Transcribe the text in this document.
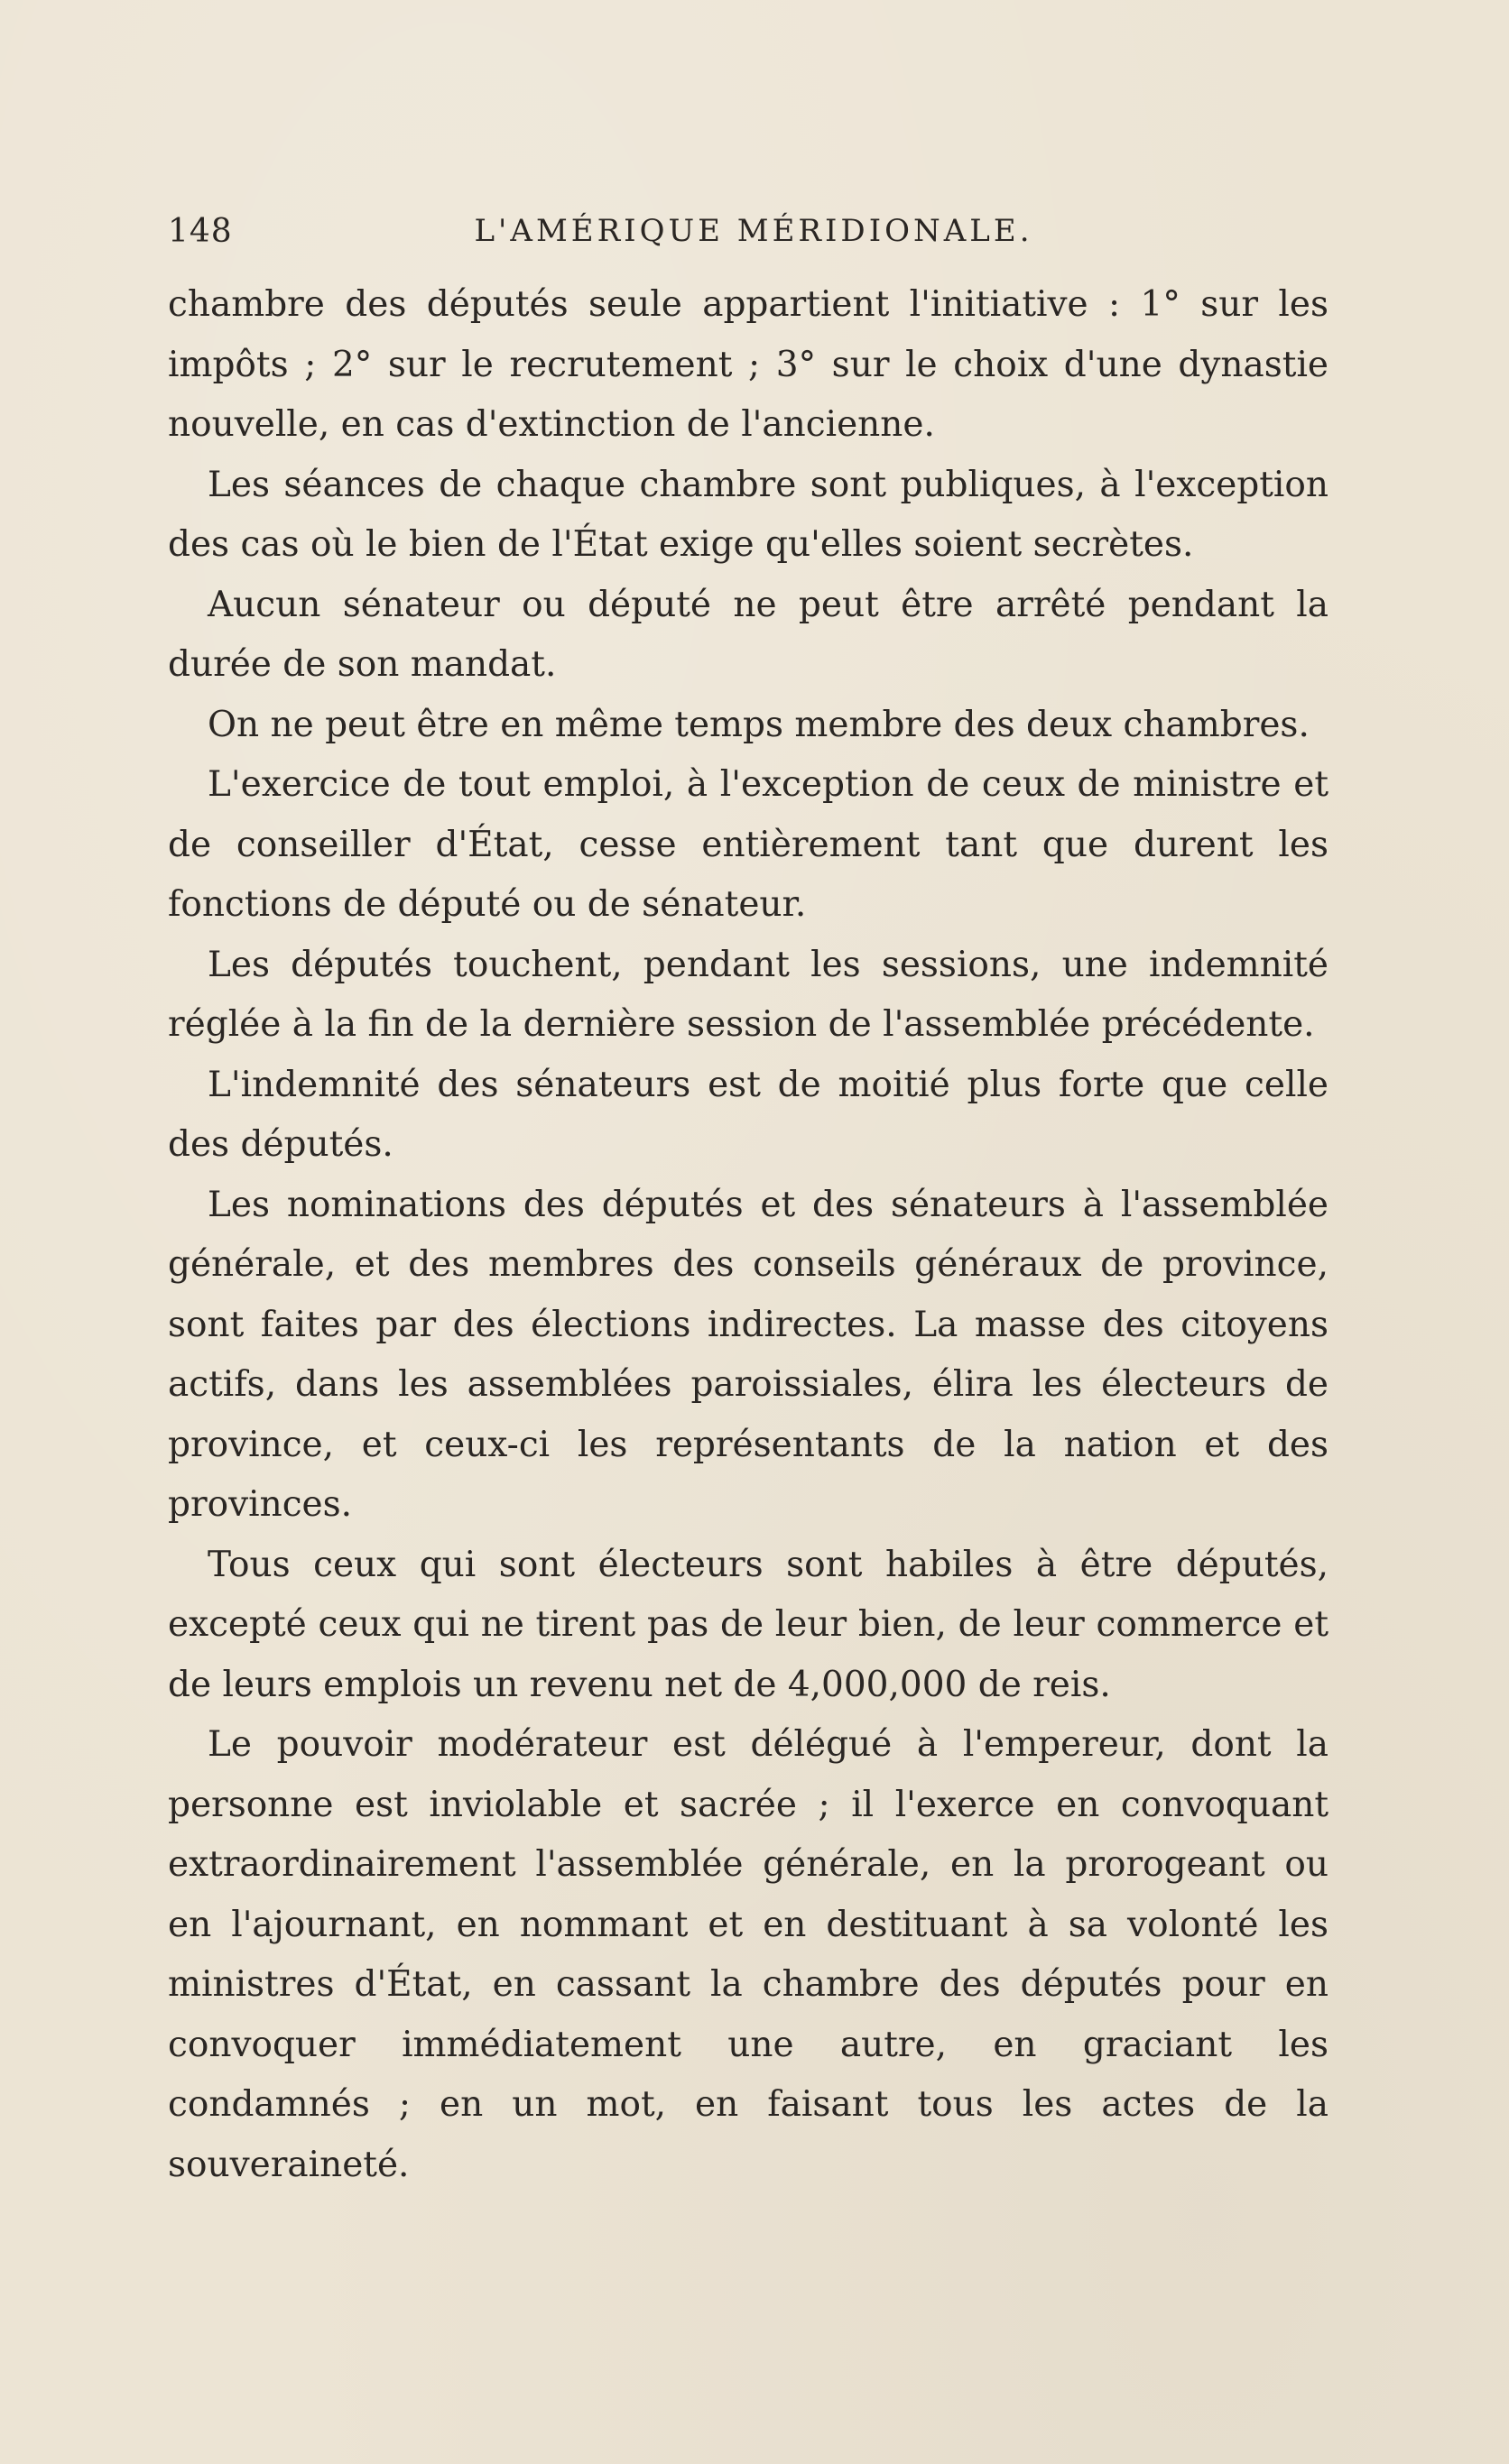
148	L'AMÉRIQUE MÉRIDIONALE.

chambre des députés seule appartient l'initiative : 1° sur les impôts ; 2° sur le recrutement ; 3° sur le choix d'une dynastie nouvelle, en cas d'extinction de l'ancienne.

Les séances de chaque chambre sont publiques, à l'exception des cas où le bien de l'État exige qu'elles soient secrètes.

Aucun sénateur ou député ne peut être arrêté pendant la durée de son mandat.

On ne peut être en même temps membre des deux chambres.

L'exercice de tout emploi, à l'exception de ceux de ministre et de conseiller d'État, cesse entièrement tant que durent les fonctions de député ou de sénateur.

Les députés touchent, pendant les sessions, une indemnité réglée à la fin de la dernière session de l'assemblée précédente.

L'indemnité des sénateurs est de moitié plus forte que celle des députés.

Les nominations des députés et des sénateurs à l'assemblée générale, et des membres des conseils généraux de province, sont faites par des élections indirectes. La masse des citoyens actifs, dans les assemblées paroissiales, élira les électeurs de province, et ceux-ci les représentants de la nation et des provinces.

Tous ceux qui sont électeurs sont habiles à être députés, excepté ceux qui ne tirent pas de leur bien, de leur commerce et de leurs emplois un revenu net de 4,000,000 de reis.

Le pouvoir modérateur est délégué à l'empereur, dont la personne est inviolable et sacrée ; il l'exerce en convoquant extraordinairement l'assemblée générale, en la prorogeant ou en l'ajournant, en nommant et en destituant à sa volonté les ministres d'État, en cassant la chambre des députés pour en convoquer immédiatement une autre, en graciant les condamnés ; en un mot, en faisant tous les actes de la souveraineté.
